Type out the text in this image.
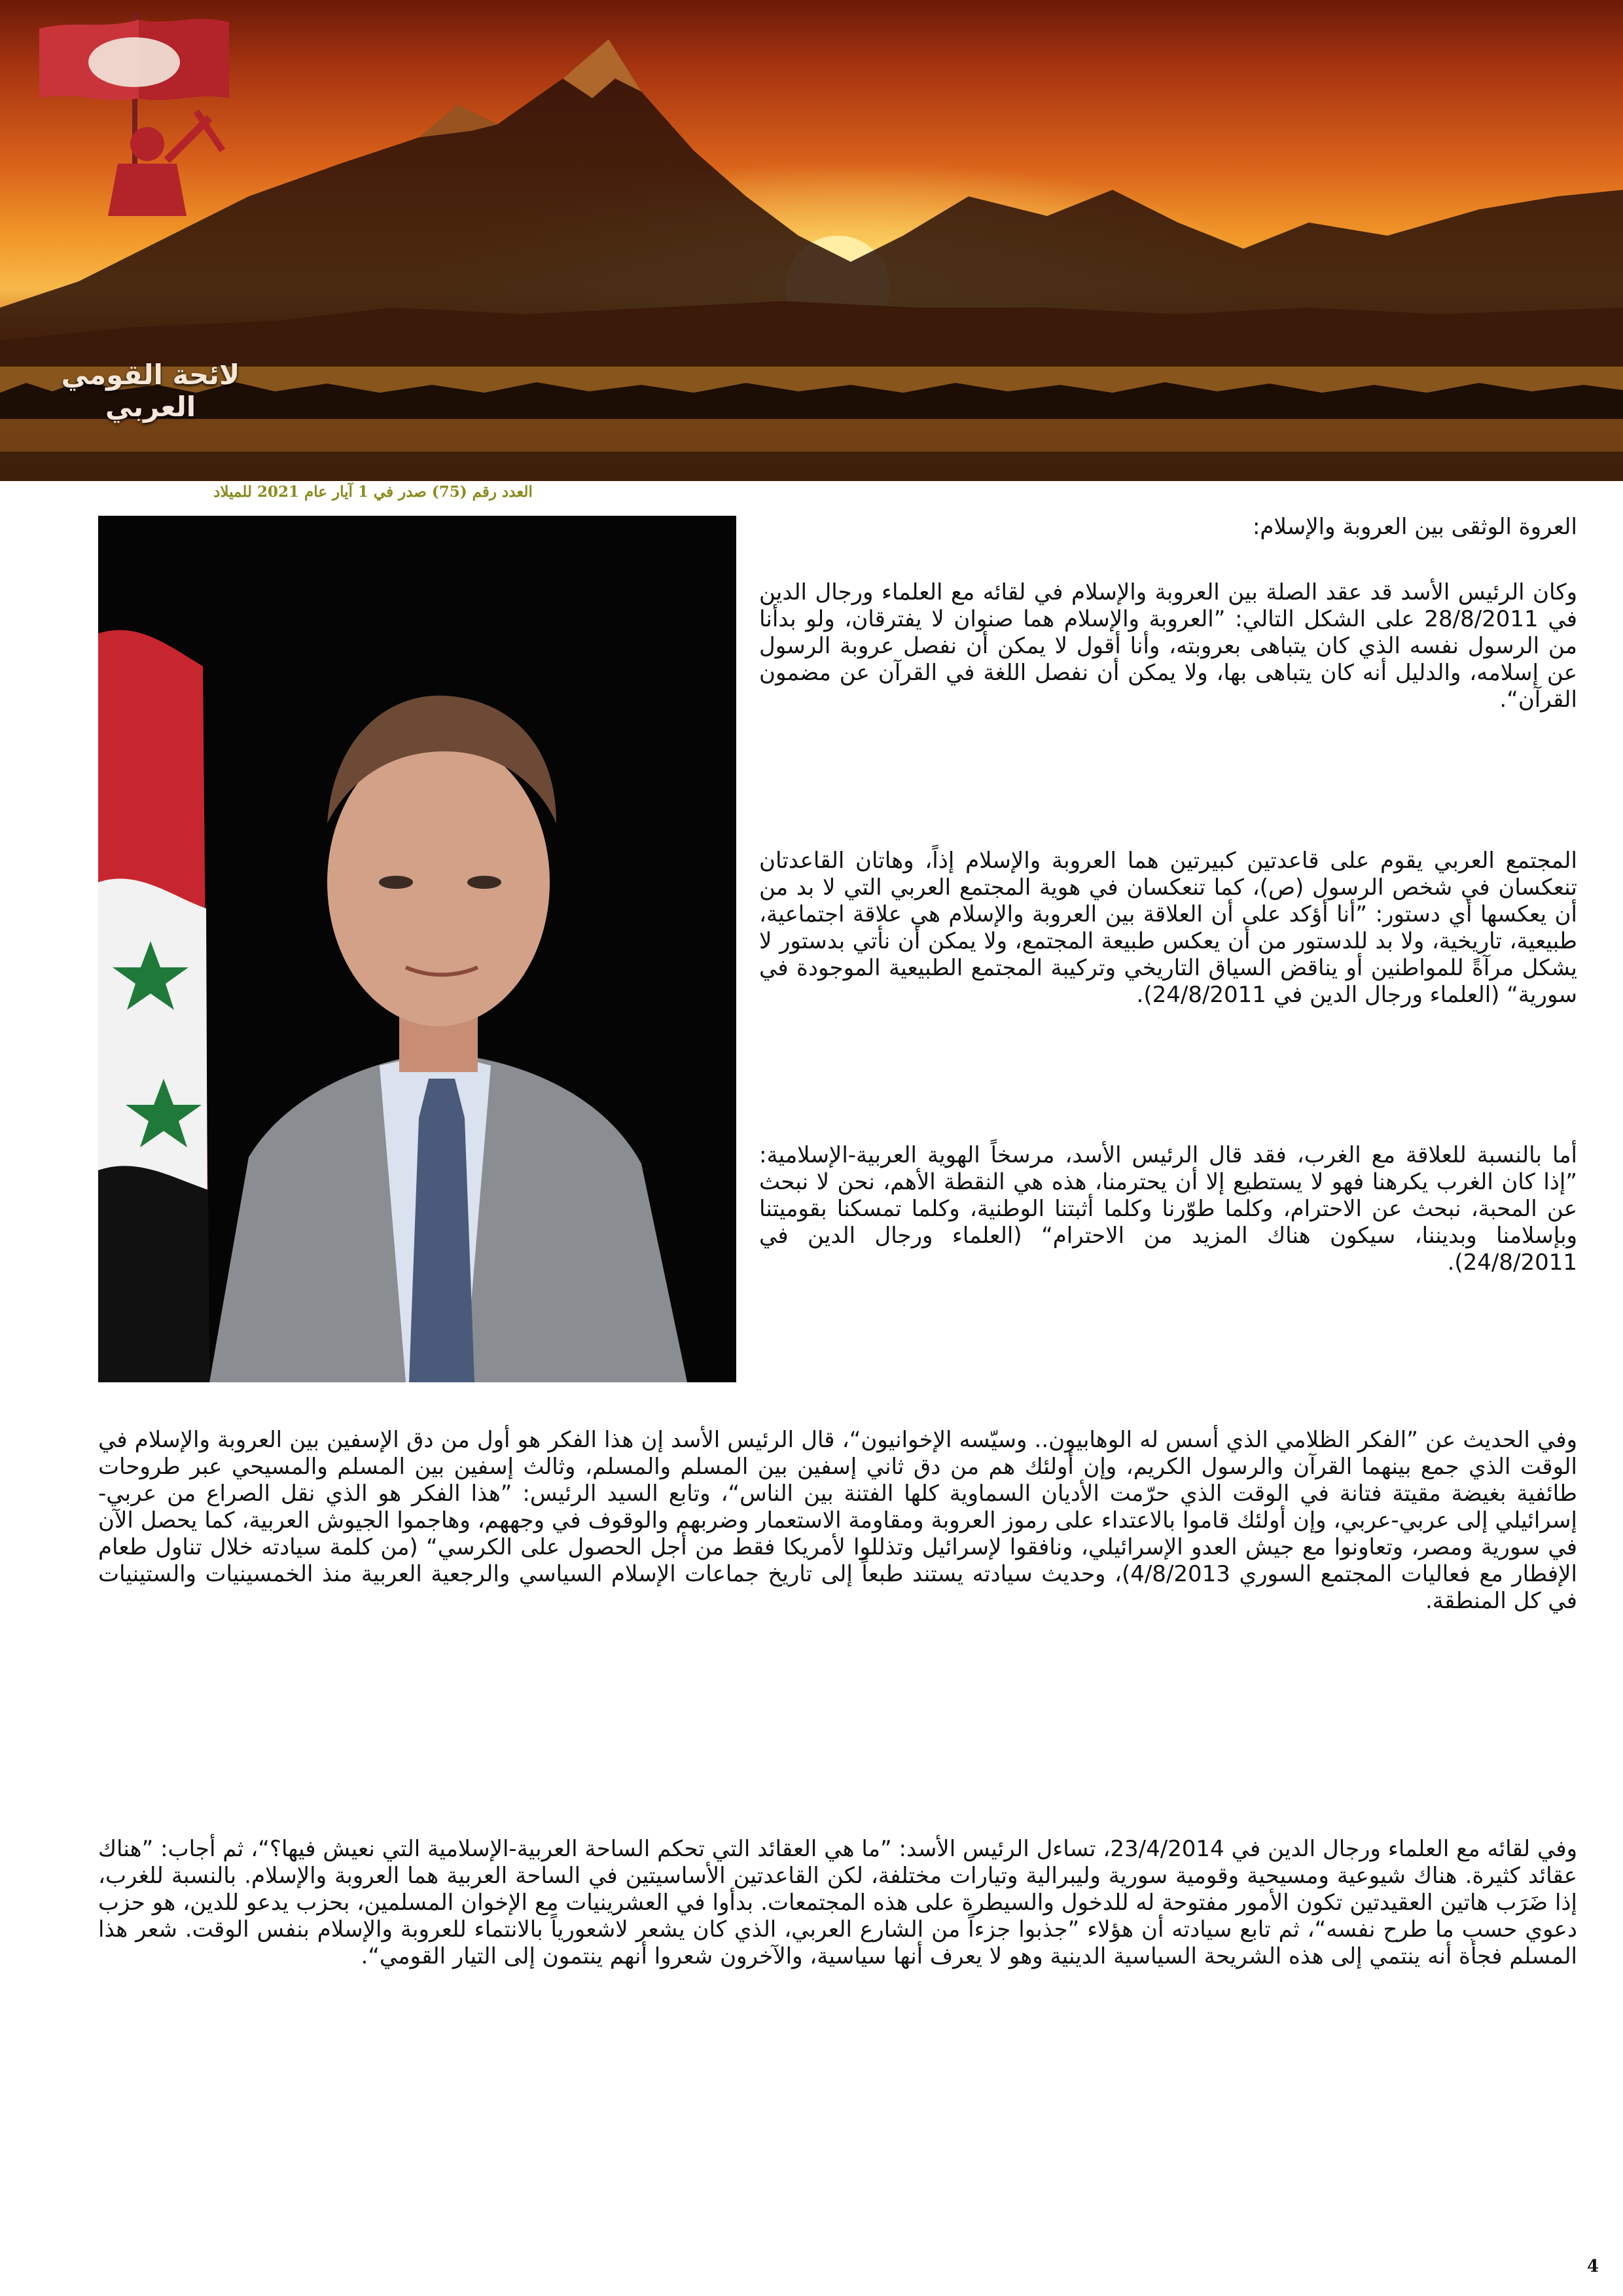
لائحة القومي العربي
العدد رقم (75) صدر في 1 آيار عام 2021 للميلاد
العروة الوثقى بين العروبة والإسلام:

وكان الرئيس الأسد قد عقد الصلة بين العروبة والإسلام في لقائه مع العلماء ورجال الدين في 28/8/2011 على الشكل التالي: ”العروبة والإسلام هما صنوان لا يفترقان، ولو بدأنا من الرسول نفسه الذي كان يتباهى بعروبته، وأنا أقول لا يمكن أن نفصل عروبة الرسول عن إسلامه، والدليل أنه كان يتباهى بها، ولا يمكن أن نفصل اللغة في القرآن عن مضمون القرآن“.

المجتمع العربي يقوم على قاعدتين كبيرتين هما العروبة والإسلام إذاً، وهاتان القاعدتان تنعكسان في شخص الرسول (ص)، كما تنعكسان في هوية المجتمع العربي التي لا بد من أن يعكسها أي دستور: ”أنا أؤكد على أن العلاقة بين العروبة والإسلام هي علاقة اجتماعية، طبيعية، تاريخية، ولا بد للدستور من أن يعكس طبيعة المجتمع، ولا يمكن أن نأتي بدستور لا يشكل مرآةً للمواطنين أو يناقض السياق التاريخي وتركيبة المجتمع الطبيعية الموجودة في سورية“ (العلماء ورجال الدين في 24/8/2011).

أما بالنسبة للعلاقة مع الغرب، فقد قال الرئيس الأسد، مرسخاً الهوية العربية-الإسلامية: ”إذا كان الغرب يكرهنا فهو لا يستطيع إلا أن يحترمنا، هذه هي النقطة الأهم، نحن لا نبحث عن المحبة، نبحث عن الاحترام، وكلما طوّرنا وكلما أثبتنا الوطنية، وكلما تمسكنا بقوميتنا وبإسلامنا وبديننا، سيكون هناك المزيد من الاحترام“ (العلماء ورجال الدين في 24/8/2011).

وفي الحديث عن ”الفكر الظلامي الذي أسس له الوهابيون.. وسيّسه الإخوانيون“، قال الرئيس الأسد إن هذا الفكر هو أول من دق الإسفين بين العروبة والإسلام في الوقت الذي جمع بينهما القرآن والرسول الكريم، وإن أولئك هم من دق ثاني إسفين بين المسلم والمسلم، وثالث إسفين بين المسلم والمسيحي عبر طروحات طائفية بغيضة مقيتة فتانة في الوقت الذي حرّمت الأديان السماوية كلها الفتنة بين الناس“، وتابع السيد الرئيس: ”هذا الفكر هو الذي نقل الصراع من عربي-إسرائيلي إلى عربي-عربي، وإن أولئك قاموا بالاعتداء على رموز العروبة ومقاومة الاستعمار وضربهم والوقوف في وجههم، وهاجموا الجيوش العربية، كما يحصل الآن في سورية ومصر، وتعاونوا مع جيش العدو الإسرائيلي، ونافقوا لإسرائيل وتذللوا لأمريكا فقط من أجل الحصول على الكرسي“ (من كلمة سيادته خلال تناول طعام الإفطار مع فعاليات المجتمع السوري 4/8/2013)، وحديث سيادته يستند طبعاً إلى تاريخ جماعات الإسلام السياسي والرجعية العربية منذ الخمسينيات والستينيات في كل المنطقة.

وفي لقائه مع العلماء ورجال الدين في 23/4/2014، تساءل الرئيس الأسد: ”ما هي العقائد التي تحكم الساحة العربية-الإسلامية التي نعيش فيها؟“، ثم أجاب: ”هناك عقائد كثيرة. هناك شيوعية ومسيحية وقومية سورية وليبرالية وتيارات مختلفة، لكن القاعدتين الأساسيتين في الساحة العربية هما العروبة والإسلام. بالنسبة للغرب، إذا ضَرَب هاتين العقيدتين تكون الأمور مفتوحة له للدخول والسيطرة على هذه المجتمعات. بدأوا في العشرينيات مع الإخوان المسلمين، بحزب يدعو للدين، هو حزب دعوي حسب ما طرح نفسه“، ثم تابع سيادته أن هؤلاء ”جذبوا جزءاً من الشارع العربي، الذي كان يشعر لاشعورياً بالانتماء للعروبة والإسلام بنفس الوقت. شعر هذا المسلم فجأة أنه ينتمي إلى هذه الشريحة السياسية الدينية وهو لا يعرف أنها سياسية، والآخرون شعروا أنهم ينتمون إلى التيار القومي“.

4
